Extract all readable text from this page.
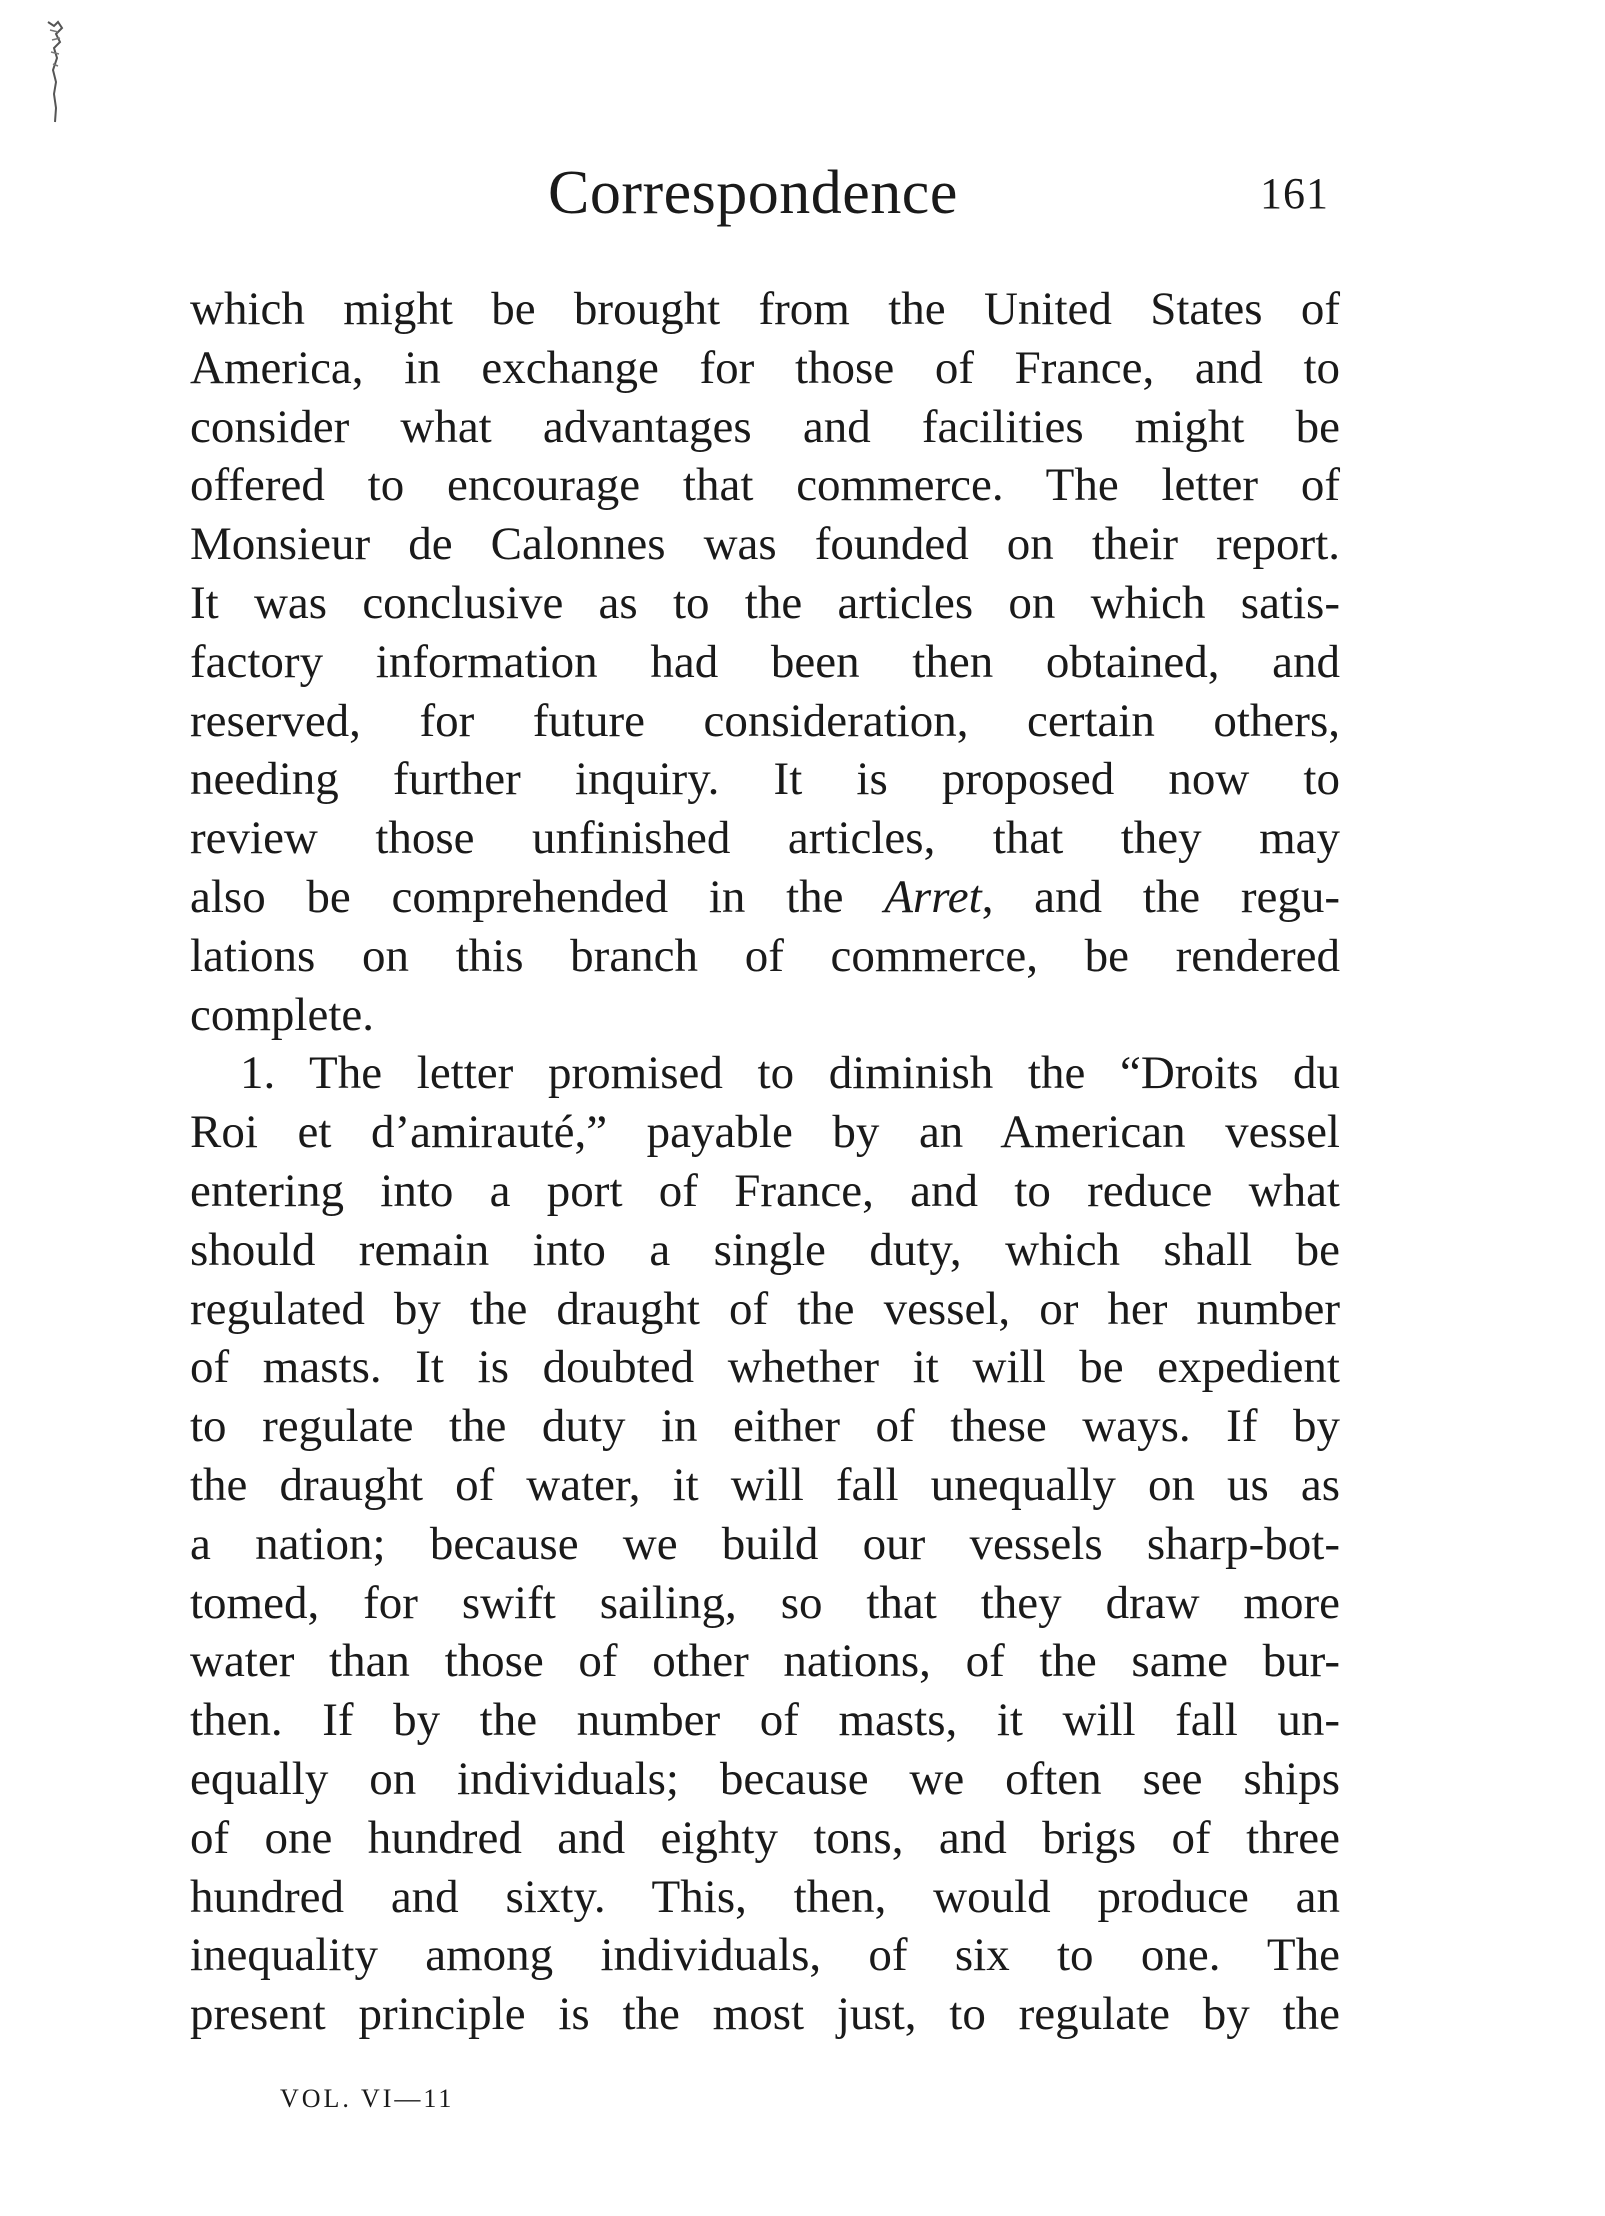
Correspondence	161
which might be brought from the United States of
America, in exchange for those of France, and to
consider what advantages and facilities might be
offered to encourage that commerce. The letter of
Monsieur de Calonnes was founded on their report.
It was conclusive as to the articles on which satis-
factory information had been then obtained, and
reserved, for future consideration, certain others,
needing further inquiry. It is proposed now to
review those unfinished articles, that they may
also be comprehended in the Arret, and the regu-
lations on this branch of commerce, be rendered
complete.
1. The letter promised to diminish the “Droits du
Roi et d’amirauté,” payable by an American vessel
entering into a port of France, and to reduce what
should remain into a single duty, which shall be
regulated by the draught of the vessel, or her number
of masts. It is doubted whether it will be expedient
to regulate the duty in either of these ways. If by
the draught of water, it will fall unequally on us as
a nation; because we build our vessels sharp-bot-
tomed, for swift sailing, so that they draw more
water than those of other nations, of the same bur-
then. If by the number of masts, it will fall un-
equally on individuals; because we often see ships
of one hundred and eighty tons, and brigs of three
hundred and sixty. This, then, would produce an
inequality among individuals, of six to one. The
present principle is the most just, to regulate by the
VOL. VI—11
